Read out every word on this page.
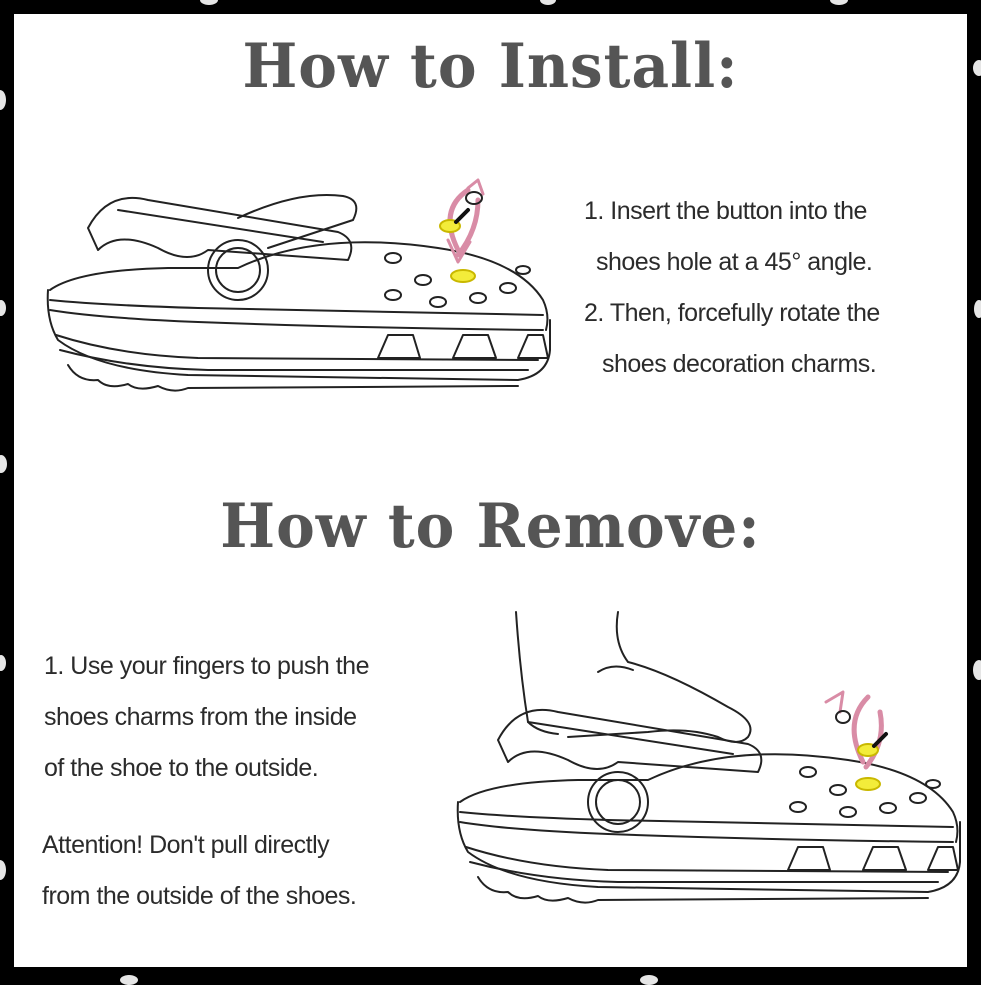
How to Install:
1. Insert the button into the
shoes hole at a 45° angle.
2. Then, forcefully rotate the
shoes decoration charms.
How to Remove:
1. Use your fingers to push the
shoes charms from the inside
of the shoe to the outside.
Attention! Don't pull directly
from the outside of the shoes.
